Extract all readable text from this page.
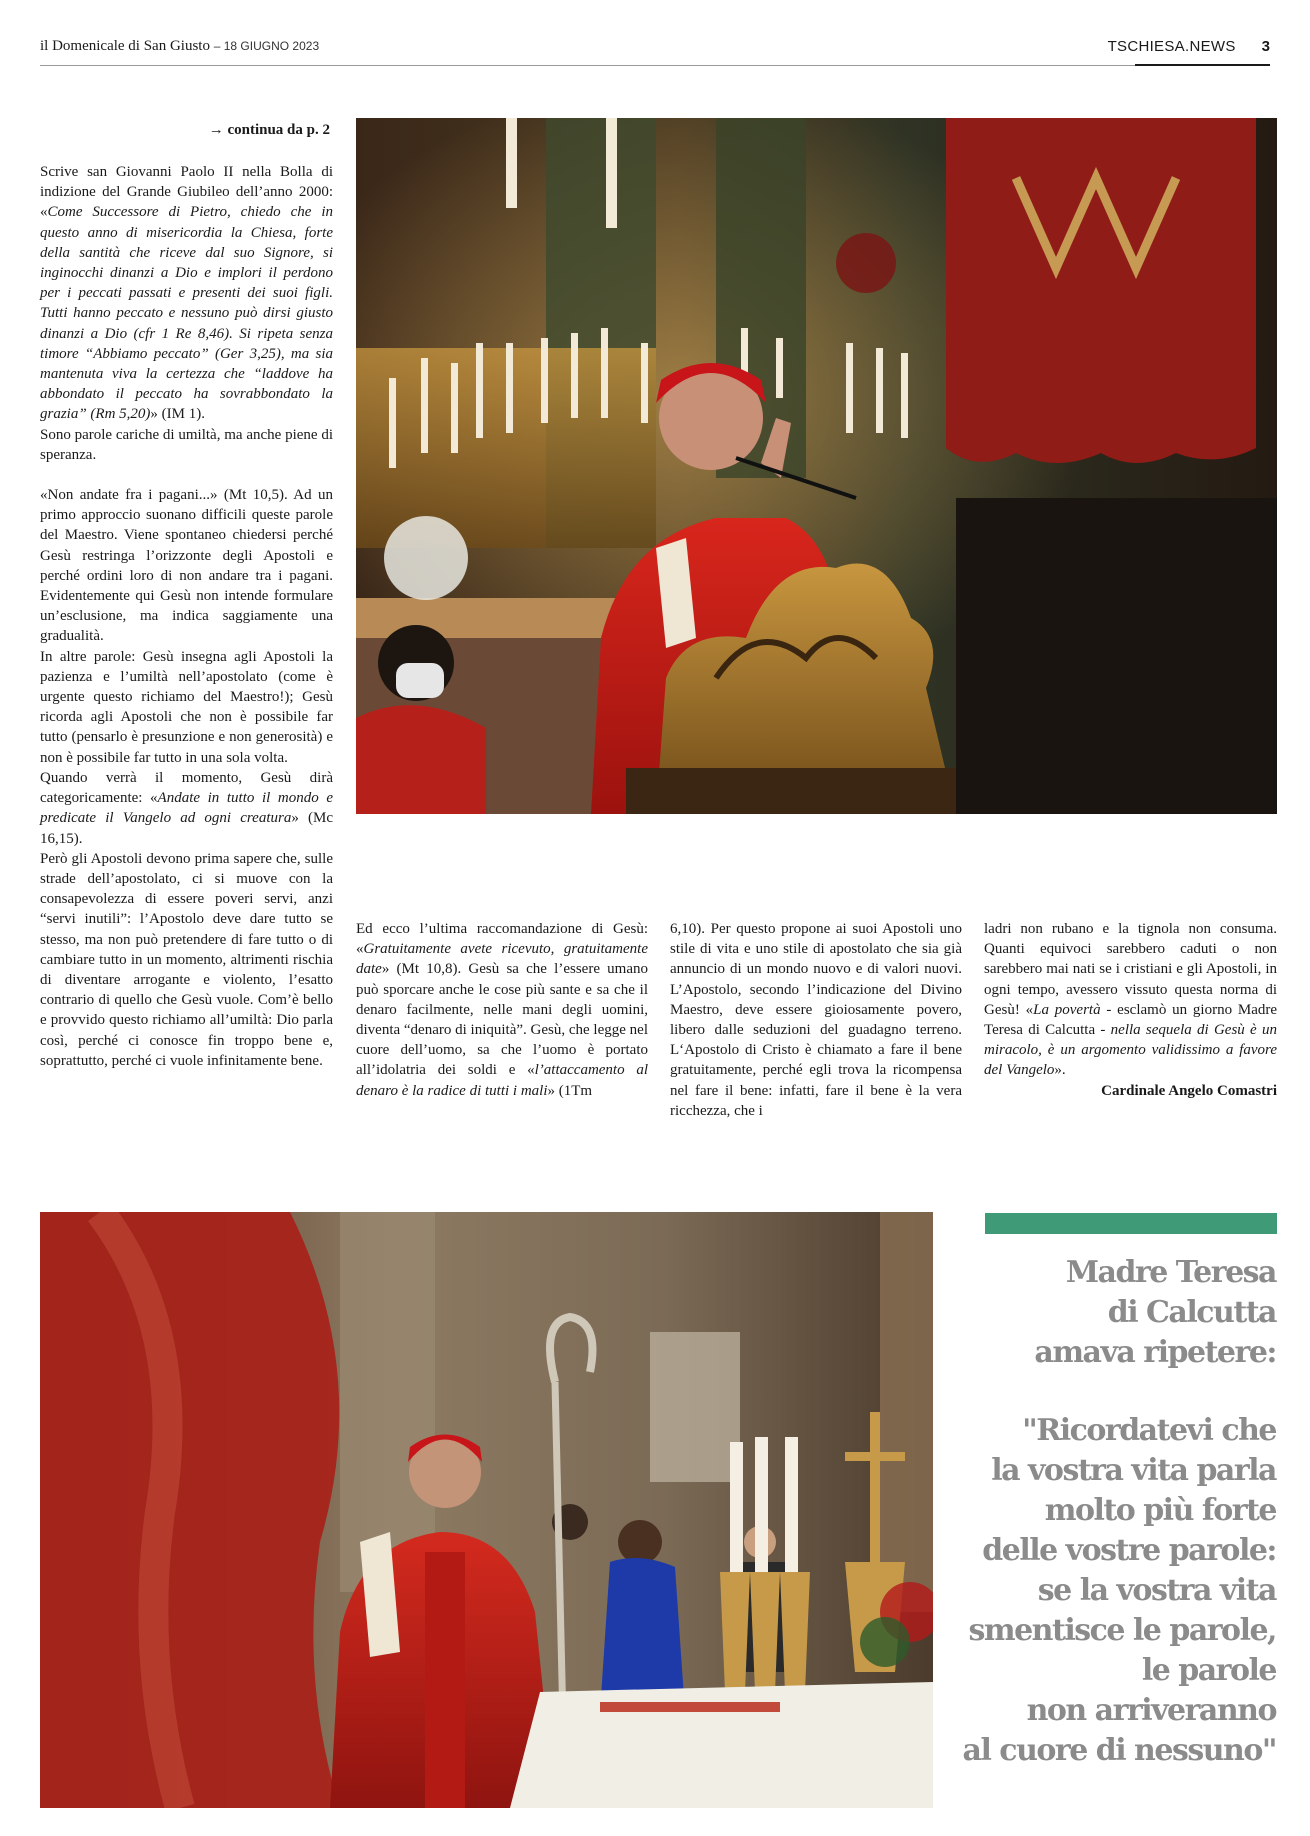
il Domenicale di San Giusto – 18 GIUGNO 2023	TSCHIESA.NEWS 3
→ continua da p. 2

Scrive san Giovanni Paolo II nella Bolla di indizione del Grande Giubileo dell’anno 2000: «Come Successore di Pietro, chiedo che in questo anno di misericordia la Chiesa, forte della santità che riceve dal suo Signore, si inginocchi dinanzi a Dio e implori il perdono per i peccati passati e presenti dei suoi figli. Tutti hanno peccato e nessuno può dirsi giusto dinanzi a Dio (cfr 1 Re 8,46). Si ripeta senza timore “Abbiamo peccato” (Ger 3,25), ma sia mantenuta viva la certezza che “laddove ha abbondato il peccato ha sovrabbondato la grazia” (Rm 5,20)» (IM 1).

Sono parole cariche di umiltà, ma anche piene di speranza.

«Non andate fra i pagani...» (Mt 10,5). Ad un primo approccio suonano difficili queste parole del Maestro. Viene spontaneo chiedersi perché Gesù restringa l’orizzonte degli Apostoli e perché ordini loro di non andare tra i pagani. Evidentemente qui Gesù non intende formulare un’esclusione, ma indica saggiamente una gradualità.

In altre parole: Gesù insegna agli Apostoli la pazienza e l’umiltà nell’apostolato (come è urgente questo richiamo del Maestro!); Gesù ricorda agli Apostoli che non è possibile far tutto (pensarlo è presunzione e non generosità) e non è possibile far tutto in una sola volta.

Quando verrà il momento, Gesù dirà categoricamente: «Andate in tutto il mondo e predicate il Vangelo ad ogni creatura» (Mc 16,15).

Però gli Apostoli devono prima sapere che, sulle strade dell’apostolato, ci si muove con la consapevolezza di essere poveri servi, anzi “servi inutili”: l’Apostolo deve dare tutto se stesso, ma non può pretendere di fare tutto o di cambiare tutto in un momento, altrimenti rischia di diventare arrogante e violento, l’esatto contrario di quello che Gesù vuole. Com’è bello e provvido questo richiamo all’umiltà: Dio parla così, perché ci conosce fin troppo bene e, soprattutto, perché ci vuole infinitamente bene.

Ed ecco l’ultima raccomandazione di Gesù: «Gratuitamente avete ricevuto, gratuitamente date» (Mt 10,8). Gesù sa che l’essere umano può sporcare anche le cose più sante e sa che il denaro facilmente, nelle mani degli uomini, diventa “denaro di iniquità”. Gesù, che legge nel cuore dell’uomo, sa che l’uomo è portato all’idolatria dei soldi e «l’attaccamento al denaro è la radice di tutti i mali» (1Tm

6,10). Per questo propone ai suoi Apostoli uno stile di vita e uno stile di apostolato che sia già annuncio di un mondo nuovo e di valori nuovi. L’Apostolo, secondo l’indicazione del Divino Maestro, deve essere gioiosamente povero, libero dalle seduzioni del guadagno terreno. L‘Apostolo di Cristo è chiamato a fare il bene gratuitamente, perché egli trova la ricompensa nel fare il bene: infatti, fare il bene è la vera ricchezza, che i

ladri non rubano e la tignola non consuma. Quanti equivoci sarebbero caduti o non sarebbero mai nati se i cristiani e gli Apostoli, in ogni tempo, avessero vissuto questa norma di Gesù! «La povertà - esclamò un giorno Madre Teresa di Calcutta - nella sequela di Gesù è un miracolo, è un argomento validissimo a favore del Vangelo».

Cardinale Angelo Comastri

Madre Teresa
di Calcutta
amava ripetere:
"Ricordatevi che
la vostra vita parla
molto più forte
delle vostre parole:
se la vostra vita
smentisce le parole,
le parole
non arriveranno
al cuore di nessuno"
